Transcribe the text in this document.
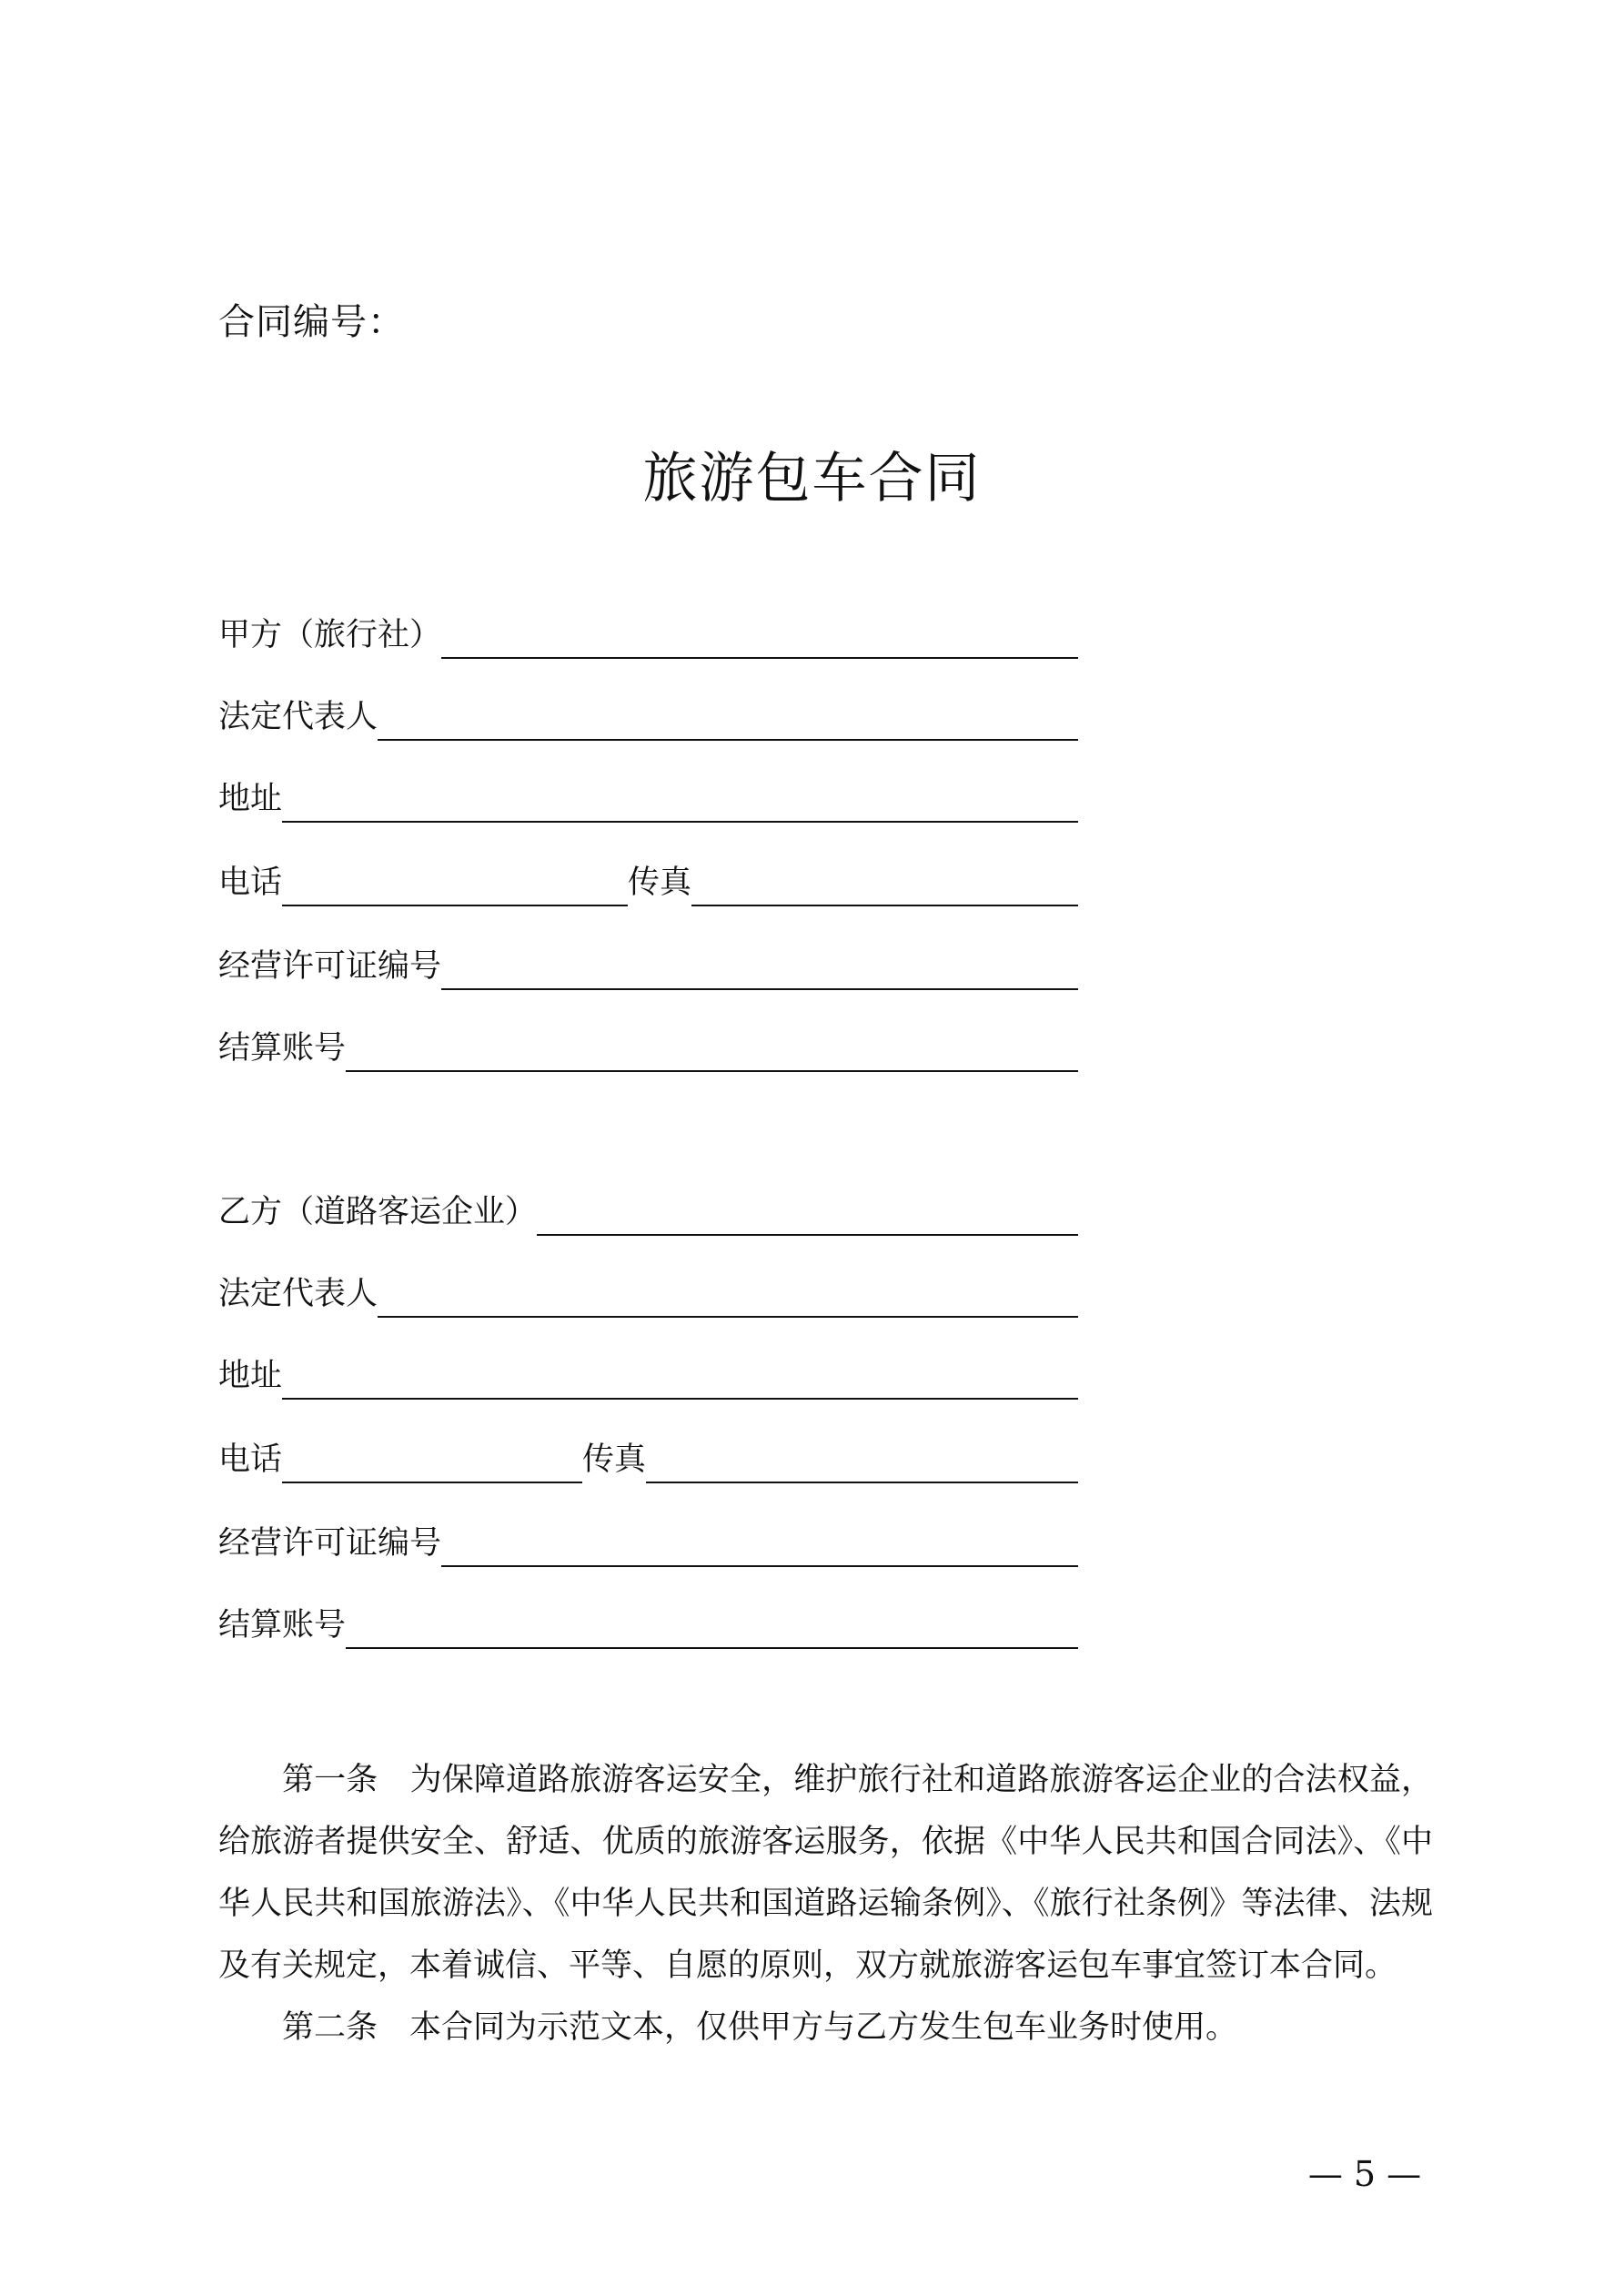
合同编号：
旅游包车合同
甲方（旅行社）
法定代表人
地址
电话	传真
经营许可证编号
结算账号
乙方（道路客运企业）
法定代表人
地址
电话	传真
经营许可证编号
结算账号

第一条　为保障道路旅游客运安全，维护旅行社和道路旅游客运企业的合法权益，给旅游者提供安全、舒适、优质的旅游客运服务，依据《中华人民共和国合同法》、《中华人民共和国旅游法》、《中华人民共和国道路运输条例》、《旅行社条例》等法律、法规及有关规定，本着诚信、平等、自愿的原则，双方就旅游客运包车事宜签订本合同。

第二条　本合同为示范文本，仅供甲方与乙方发生包车业务时使用。

— 5 —
